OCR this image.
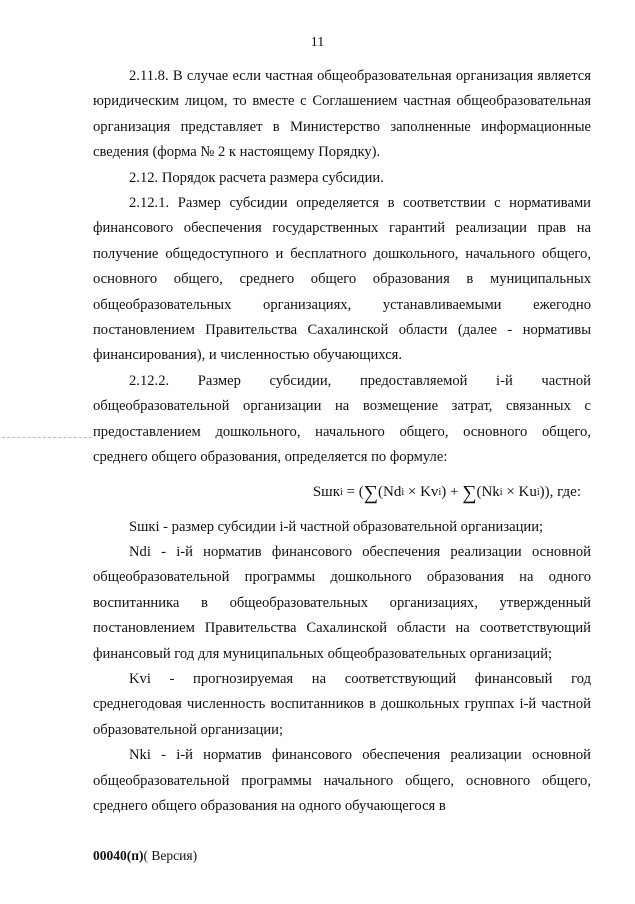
11

2.11.8. В случае если частная общеобразовательная организация является юридическим лицом, то вместе с Соглашением частная общеобразовательная организация представляет в Министерство заполненные информационные сведения (форма № 2 к настоящему Порядку).

2.12. Порядок расчета размера субсидии.

2.12.1. Размер субсидии определяется в соответствии с нормативами финансового обеспечения государственных гарантий реализации прав на получение общедоступного и бесплатного дошкольного, начального общего, основного общего, среднего общего образования в муниципальных общеобразовательных организациях, устанавливаемыми ежегодно постановлением Правительства Сахалинской области (далее - нормативы финансирования), и численностью обучающихся.

2.12.2. Размер субсидии, предоставляемой i-й частной общеобразовательной организации на возмещение затрат, связанных с предоставлением дошкольного, начального общего, основного общего, среднего общего образования, определяется по формуле:

Sшк i = ( ∑ (Nd i × Kv i ) + ∑ (Nk i × Ku i )), где:

Sшкi - размер субсидии i-й частной образовательной организации;

Ndi - i-й норматив финансового обеспечения реализации основной общеобразовательной программы дошкольного образования на одного воспитанника в общеобразовательных организациях, утвержденный постановлением Правительства Сахалинской области на соответствующий финансовый год для муниципальных общеобразовательных организаций;

Kvi - прогнозируемая на соответствующий финансовый год среднегодовая численность воспитанников в дошкольных группах i-й частной образовательной организации;

Nki - i-й норматив финансового обеспечения реализации основной общеобразовательной программы начального общего, основного общего, среднего общего образования на одного обучающегося в

00040(п)( Версия)
